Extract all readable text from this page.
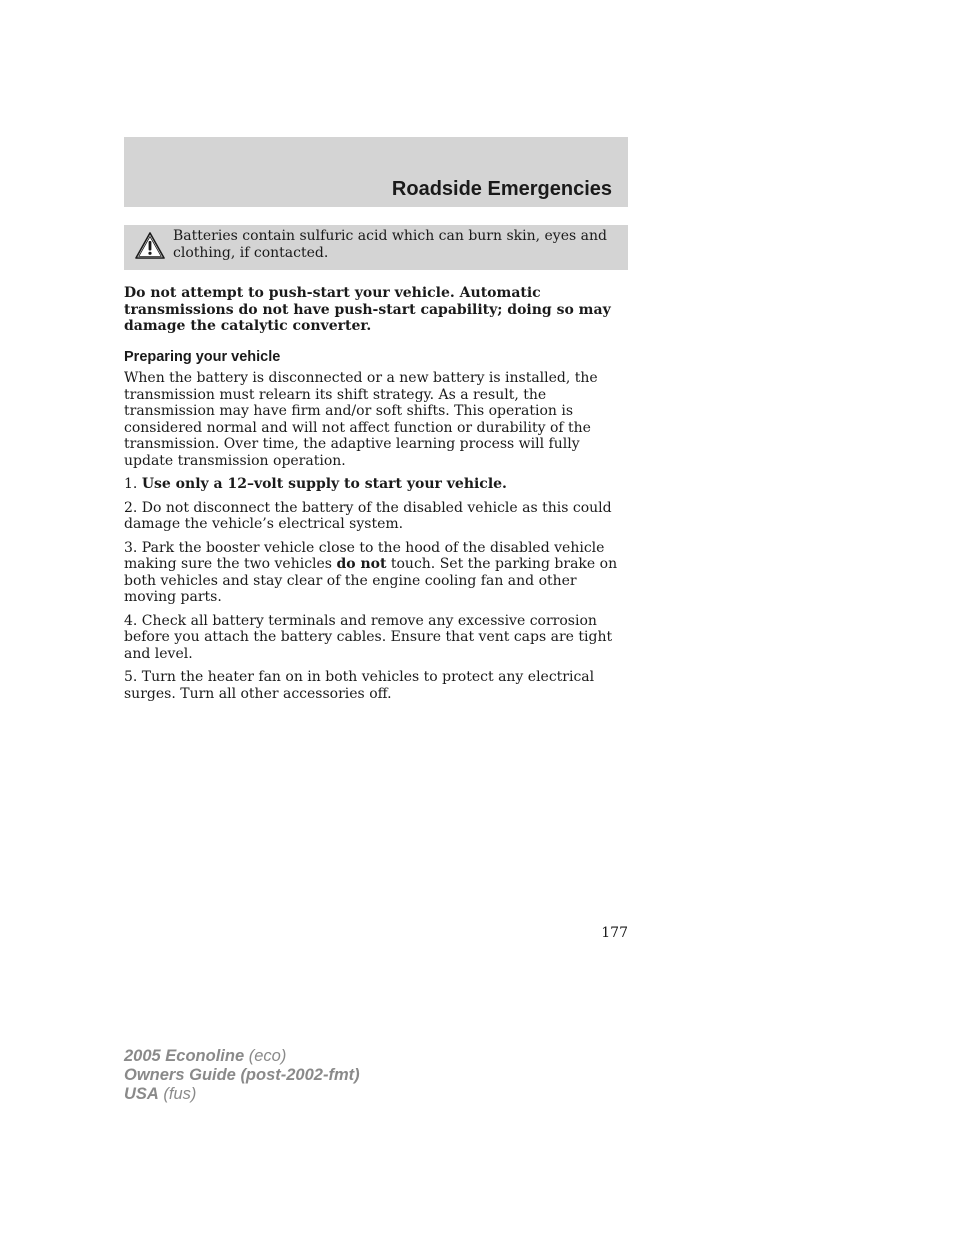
Roadside Emergencies
Batteries contain sulfuric acid which can burn skin, eyes and clothing, if contacted.

Do not attempt to push-start your vehicle. Automatic transmissions do not have push-start capability; doing so may damage the catalytic converter.

Preparing your vehicle

When the battery is disconnected or a new battery is installed, the transmission must relearn its shift strategy. As a result, the transmission may have firm and/or soft shifts. This operation is considered normal and will not affect function or durability of the transmission. Over time, the adaptive learning process will fully update transmission operation.

1. Use only a 12–volt supply to start your vehicle.

2. Do not disconnect the battery of the disabled vehicle as this could damage the vehicle’s electrical system.

3. Park the booster vehicle close to the hood of the disabled vehicle making sure the two vehicles do not touch. Set the parking brake on both vehicles and stay clear of the engine cooling fan and other moving parts.

4. Check all battery terminals and remove any excessive corrosion before you attach the battery cables. Ensure that vent caps are tight and level.

5. Turn the heater fan on in both vehicles to protect any electrical surges. Turn all other accessories off.

177
2005 Econoline (eco)
Owners Guide (post-2002-fmt)
USA (fus)
